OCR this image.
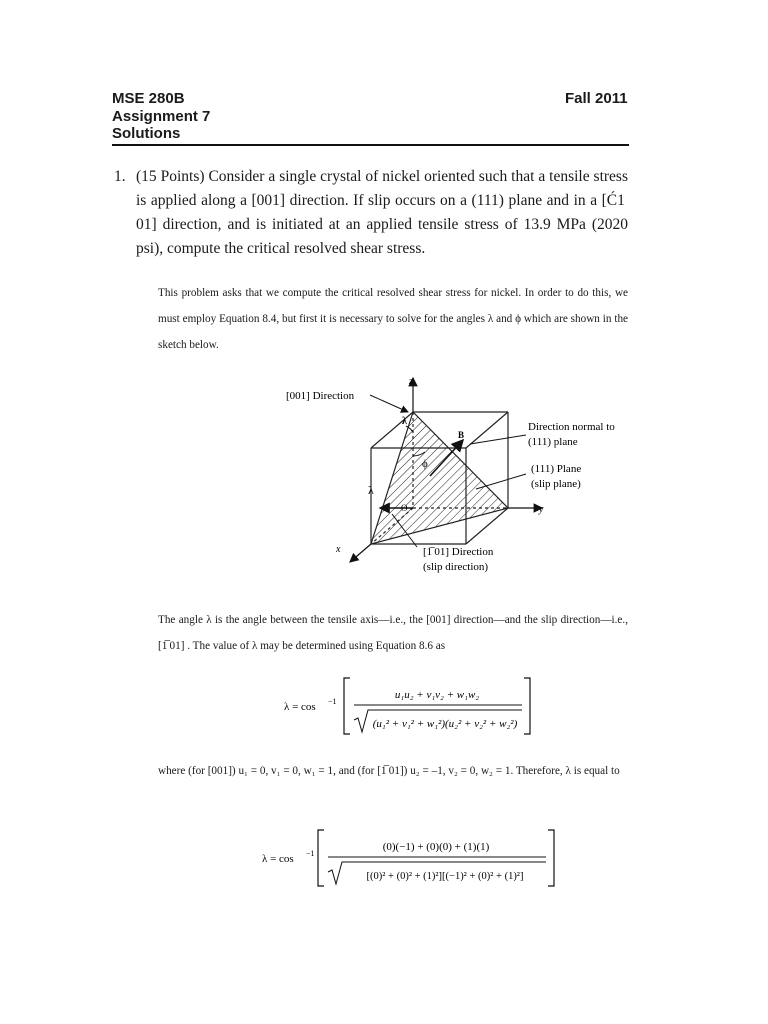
MSE 280B	Fall 2011
Assignment 7
Solutions
1. (15 Points) Consider a single crystal of nickel oriented such that a tensile stress is applied along a [001] direction. If slip occurs on a (111) plane and in a [Ć1 01] direction, and is initiated at an applied tensile stress of 13.9 MPa (2020 psi), compute the critical resolved shear stress.
This problem asks that we compute the critical resolved shear stress for nickel. In order to do this, we must employ Equation 8.4, but first it is necessary to solve for the angles λ and ϕ which are shown in the sketch below.
[001] Direction
z
y
x
B
O
λ
ϕ
λ
Direction normal to
(111) plane
(111) Plane
(slip plane)
[1̅ 01] Direction
(slip direction)
The angle λ is the angle between the tensile axis—i.e., the [001] direction—and the slip direction—i.e., [1̅ 01] . The value of λ may be determined using Equation 8.6 as
λ = cos −1
u₁u₂ + v₁v₂ + w₁w₂
(u₁² + v₁² + w₁²)(u₂² + v₂² + w₂²)
where (for [001]) u₁ = 0, v₁ = 0, w₁ = 1, and (for [1̅ 01]) u₂ = –1, v₂ = 0, w₂ = 1. Therefore, λ is equal to
λ = cos −1
(0)(−1) + (0)(0) + (1)(1)
[(0)² + (0)² + (1)²][(−1)² + (0)² + (1)²]
